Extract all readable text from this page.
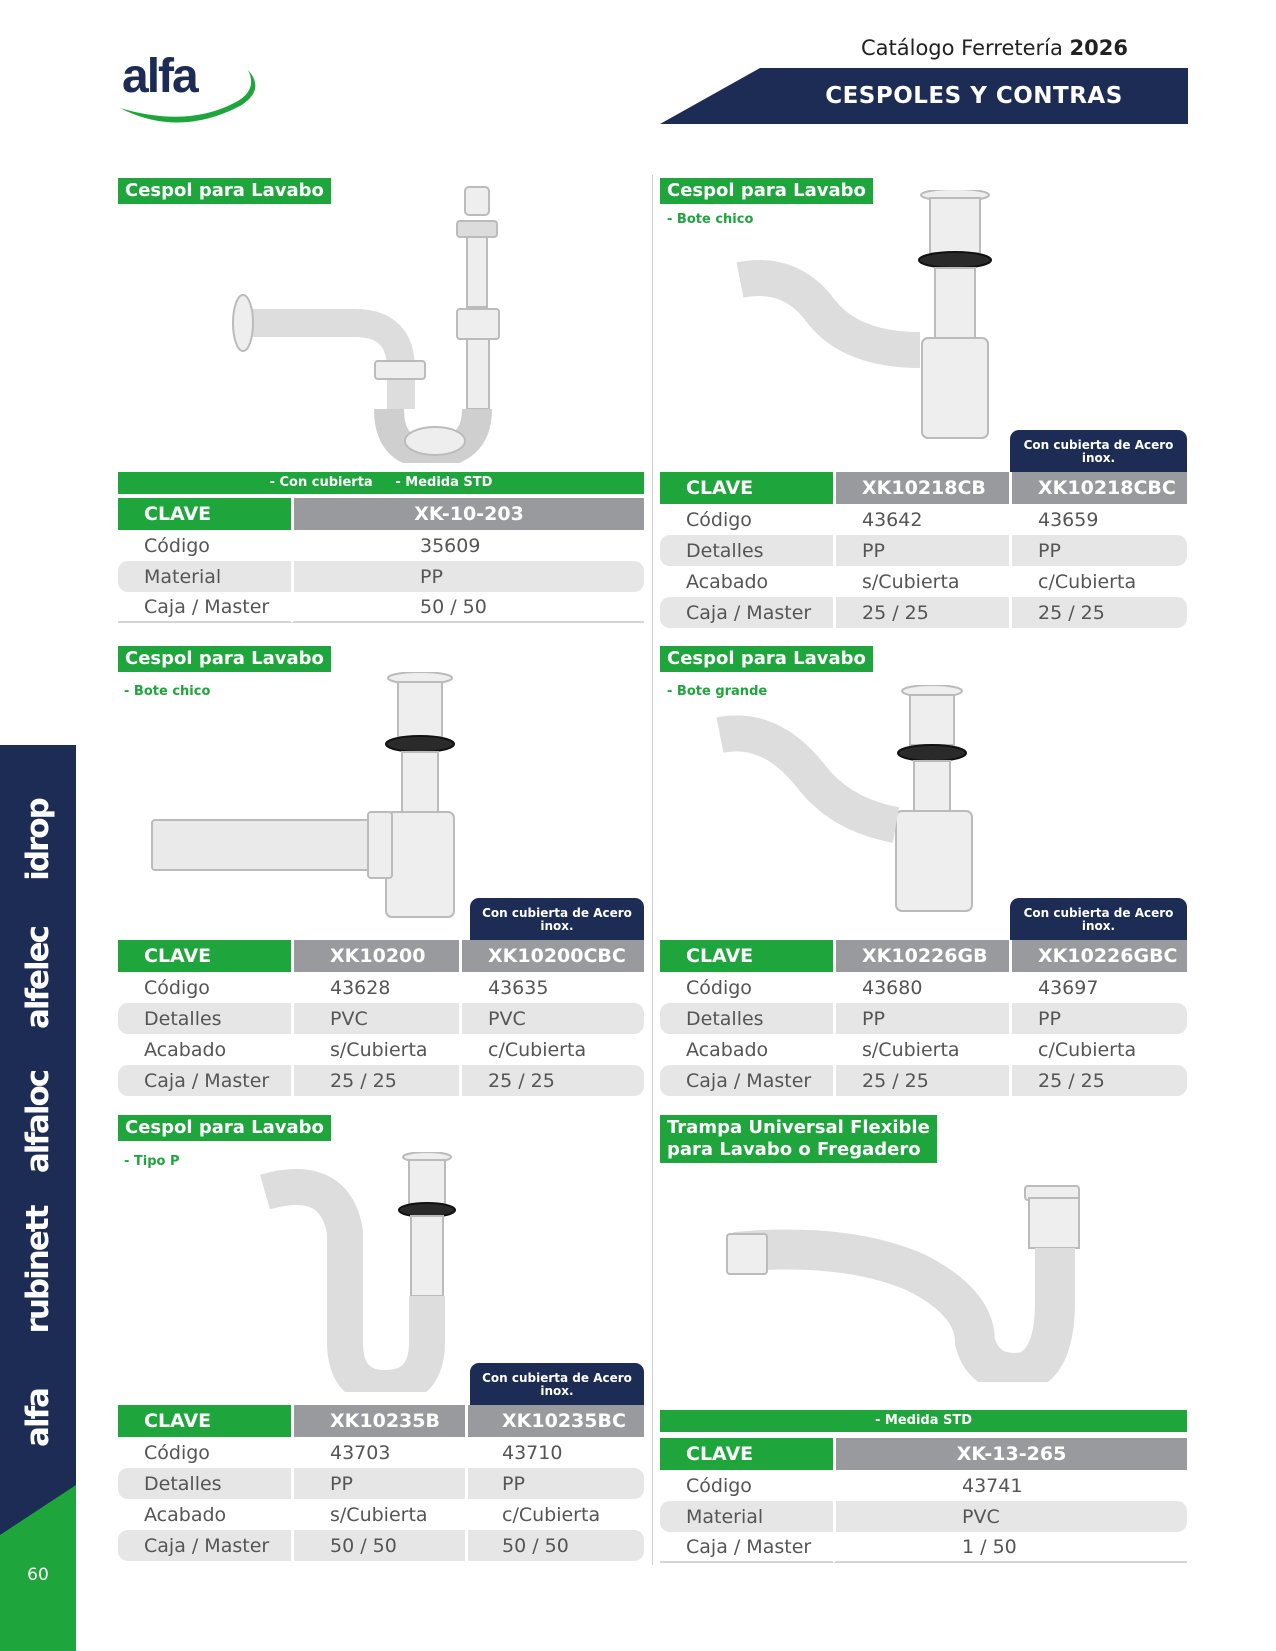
alfa
Catálogo Ferretería 2026
CESPOLES Y CONTRAS
idrop
alfelec
alfaloc
rubinett
alfa
60
Cespol para Lavabo
- Con cubierta     - Medida STD
CLAVE	XK-10-203
Código	35609
Material	PP
Caja / Master	50 / 50
Cespol para Lavabo
- Bote chico
Con cubierta de Acero inox.
CLAVE	XK10218CB	XK10218CBC
Código	43642	43659
Detalles	PP	PP
Acabado	s/Cubierta	c/Cubierta
Caja / Master	25 / 25	25 / 25
Cespol para Lavabo
- Bote chico
Con cubierta de Acero inox.
CLAVE	XK10200	XK10200CBC
Código	43628	43635
Detalles	PVC	PVC
Acabado	s/Cubierta	c/Cubierta
Caja / Master	25 / 25	25 / 25
Cespol para Lavabo
- Bote grande
Con cubierta de Acero inox.
CLAVE	XK10226GB	XK10226GBC
Código	43680	43697
Detalles	PP	PP
Acabado	s/Cubierta	c/Cubierta
Caja / Master	25 / 25	25 / 25
Cespol para Lavabo
- Tipo P
Con cubierta de Acero inox.
CLAVE	XK10235B	XK10235BC
Código	43703	43710
Detalles	PP	PP
Acabado	s/Cubierta	c/Cubierta
Caja / Master	50 / 50	50 / 50
Trampa Universal Flexible
para Lavabo o Fregadero
- Medida STD
CLAVE	XK-13-265
Código	43741
Material	PVC
Caja / Master	1 / 50
